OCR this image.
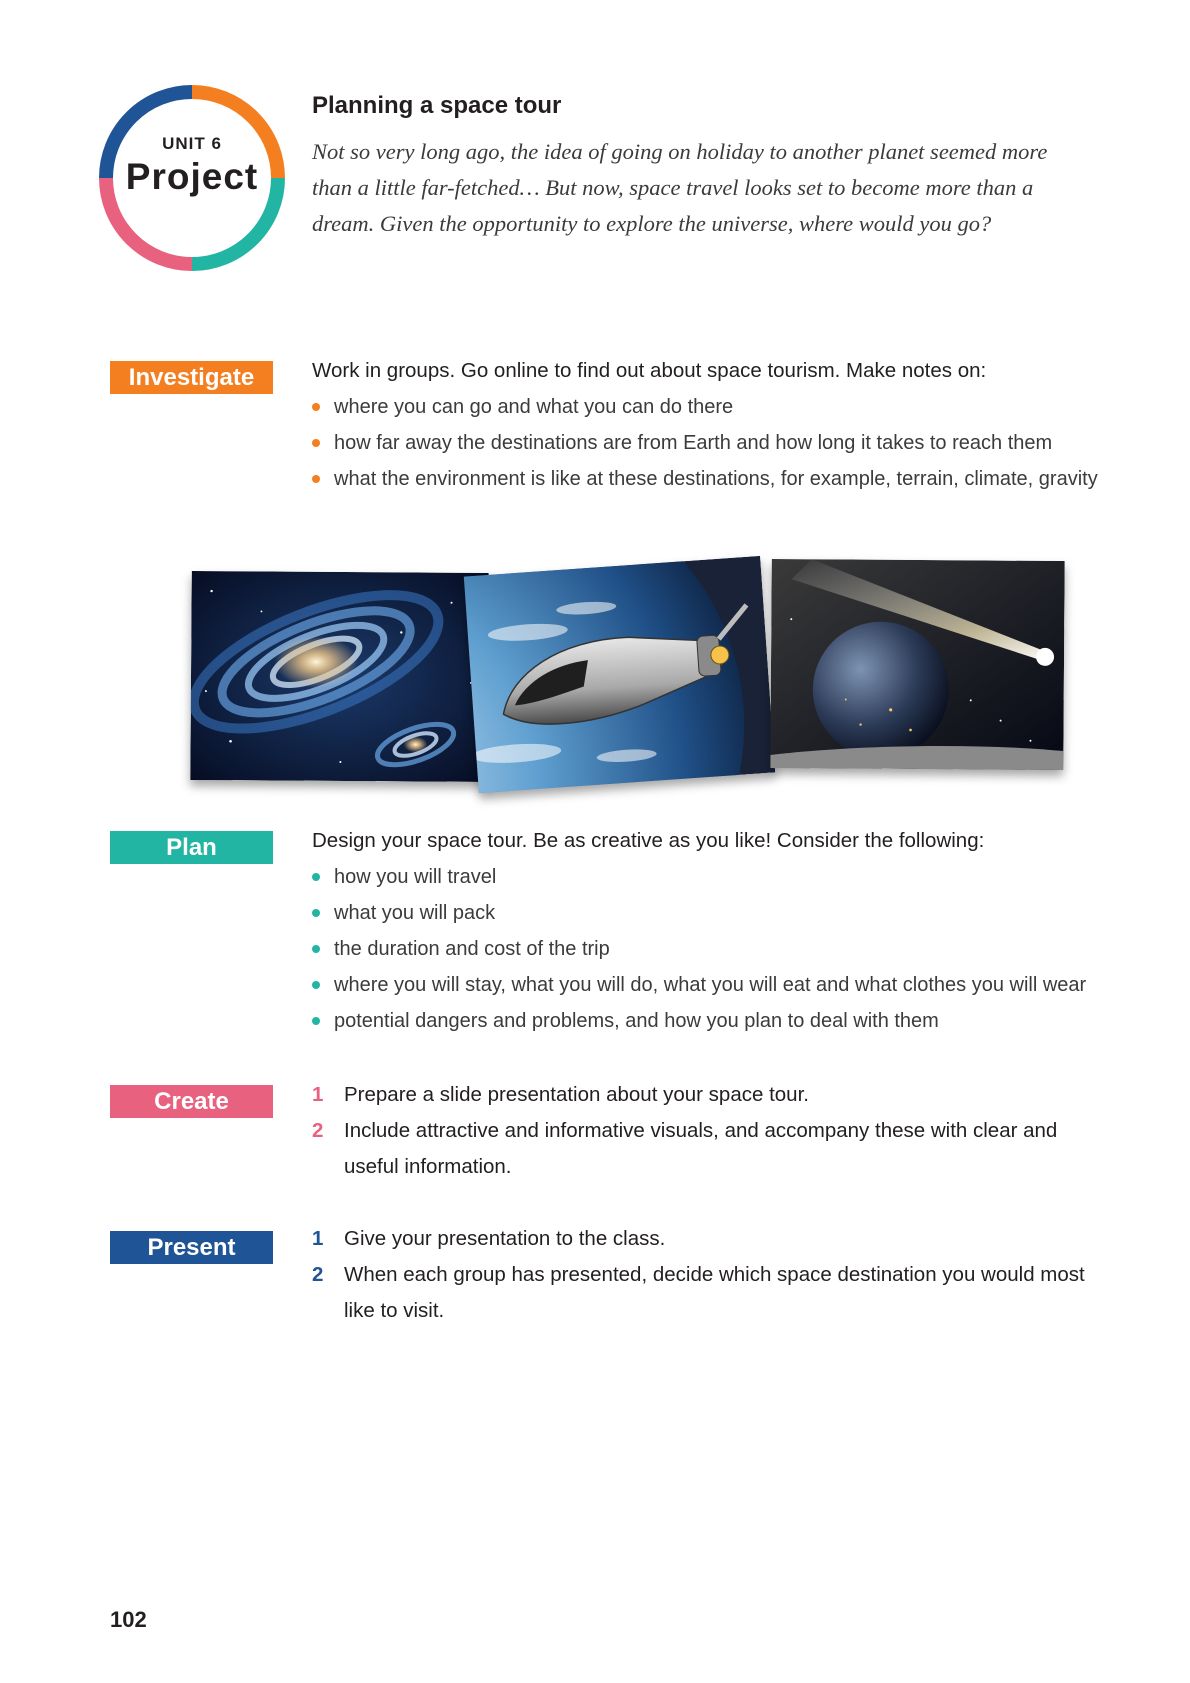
UNIT 6
Project
Planning a space tour

Not so very long ago, the idea of going on holiday to another planet seemed more than a little far-fetched… But now, space travel looks set to become more than a dream. Given the opportunity to explore the universe, where would you go?

Investigate	Work in groups. Go online to find out about space tourism. Make notes on:

where you can go and what you can do there
how far away the destinations are from Earth and how long it takes to reach them
what the environment is like at these destinations, for example, terrain, climate, gravity
Plan	Design your space tour. Be as creative as you like! Consider the following:

how you will travel
what you will pack
the duration and cost of the trip
where you will stay, what you will do, what you will eat and what clothes you will wear
potential dangers and problems, and how you plan to deal with them
Create	1 Prepare a slide presentation about your space tour.
2 Include attractive and informative visuals, and accompany these with clear and useful information.
Present	1 Give your presentation to the class.
2 When each group has presented, decide which space destination you would most like to visit.
102
